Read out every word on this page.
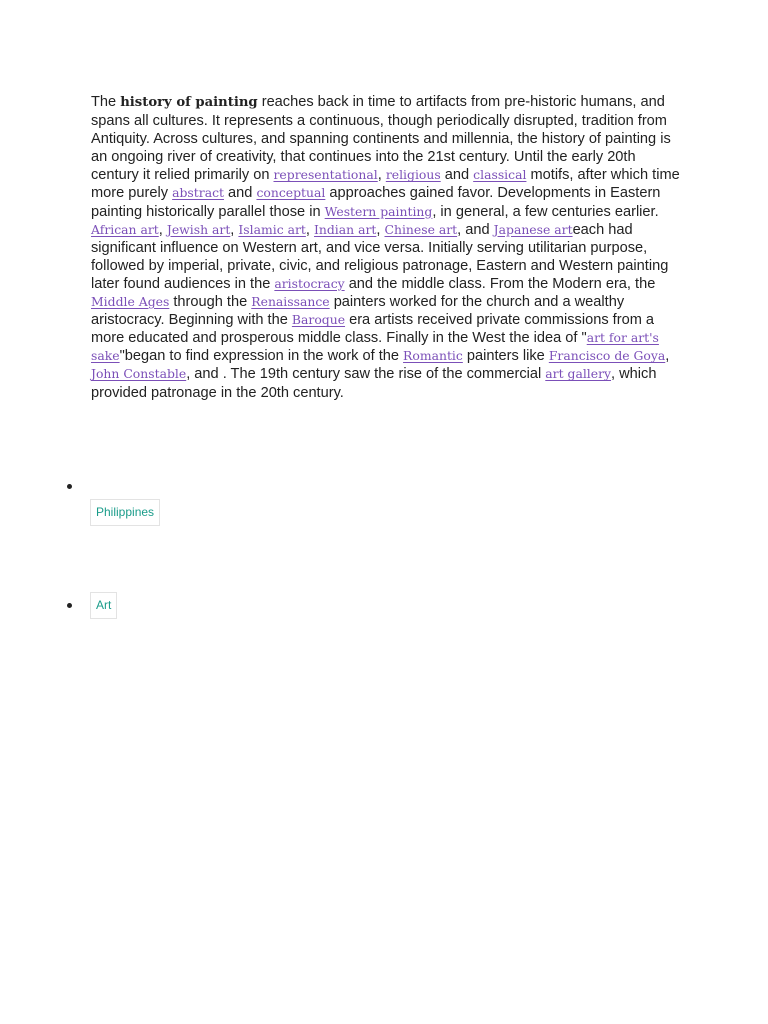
The history of painting reaches back in time to artifacts from pre-historic humans, and spans all cultures. It represents a continuous, though periodically disrupted, tradition from Antiquity. Across cultures, and spanning continents and millennia, the history of painting is an ongoing river of creativity, that continues into the 21st century. Until the early 20th century it relied primarily on representational, religious and classical motifs, after which time more purely abstract and conceptual approaches gained favor. Developments in Eastern painting historically parallel those in Western painting, in general, a few centuries earlier. African art, Jewish art, Islamic art, Indian art, Chinese art, and Japanese arteach had significant influence on Western art, and vice versa. Initially serving utilitarian purpose, followed by imperial, private, civic, and religious patronage, Eastern and Western painting later found audiences in the aristocracy and the middle class. From the Modern era, the Middle Ages through the Renaissance painters worked for the church and a wealthy aristocracy. Beginning with the Baroque era artists received private commissions from a more educated and prosperous middle class. Finally in the West the idea of "art for art's sake"began to find expression in the work of the Romantic painters like Francisco de Goya, John Constable, and . The 19th century saw the rise of the commercial art gallery, which provided patronage in the 20th century.

Philippines
Art
